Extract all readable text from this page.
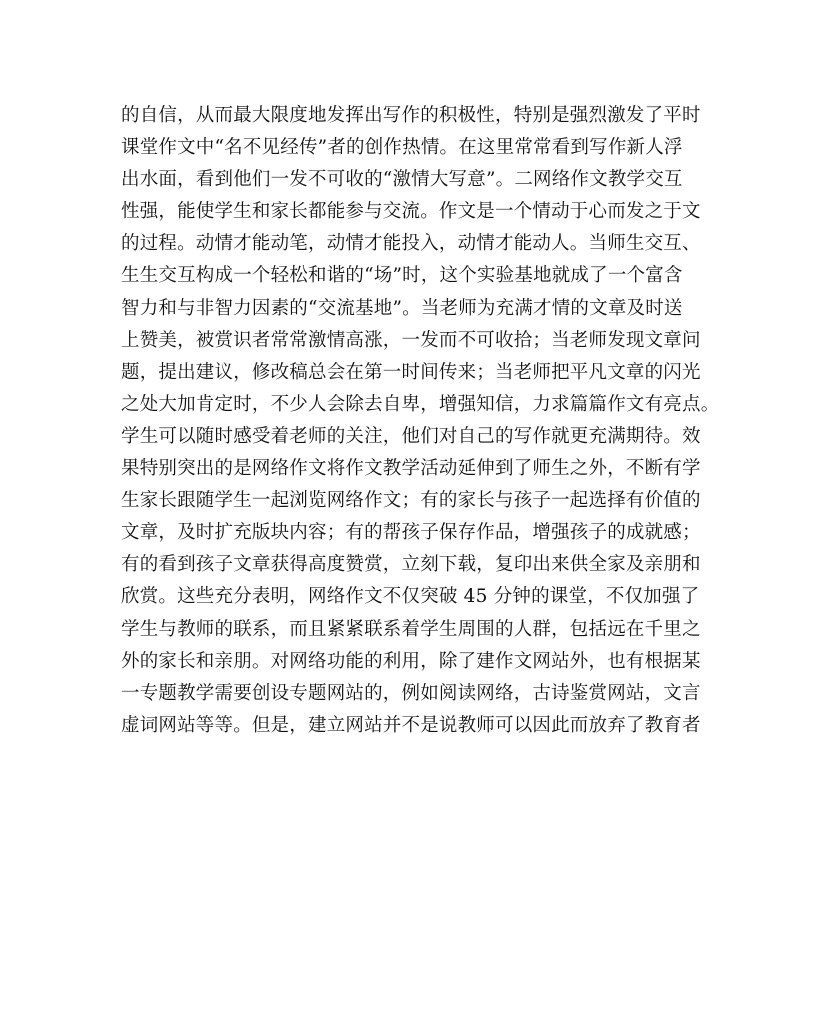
的自信，从而最大限度地发挥出写作的积极性，特别是强烈激发了平时
课堂作文中“名不见经传”者的创作热情。在这里常常看到写作新人浮
出水面，看到他们一发不可收的“激情大写意”。二网络作文教学交互
性强，能使学生和家长都能参与交流。作文是一个情动于心而发之于文
的过程。动情才能动笔，动情才能投入，动情才能动人。当师生交互、
生生交互构成一个轻松和谐的“场”时，这个实验基地就成了一个富含
智力和与非智力因素的“交流基地”。当老师为充满才情的文章及时送
上赞美，被赏识者常常激情高涨，一发而不可收拾；当老师发现文章问
题，提出建议，修改稿总会在第一时间传来；当老师把平凡文章的闪光
之处大加肯定时，不少人会除去自卑，增强知信，力求篇篇作文有亮点。
学生可以随时感受着老师的关注，他们对自己的写作就更充满期待。效
果特别突出的是网络作文将作文教学活动延伸到了师生之外，不断有学
生家长跟随学生一起浏览网络作文；有的家长与孩子一起选择有价值的
文章，及时扩充版块内容；有的帮孩子保存作品，增强孩子的成就感；
有的看到孩子文章获得高度赞赏，立刻下载，复印出来供全家及亲朋和
欣赏。这些充分表明，网络作文不仅突破 45 分钟的课堂，不仅加强了
学生与教师的联系，而且紧紧联系着学生周围的人群，包括远在千里之
外的家长和亲朋。对网络功能的利用，除了建作文网站外，也有根据某
一专题教学需要创设专题网站的，例如阅读网络，古诗鉴赏网站，文言
虚词网站等等。但是，建立网站并不是说教师可以因此而放弃了教育者
